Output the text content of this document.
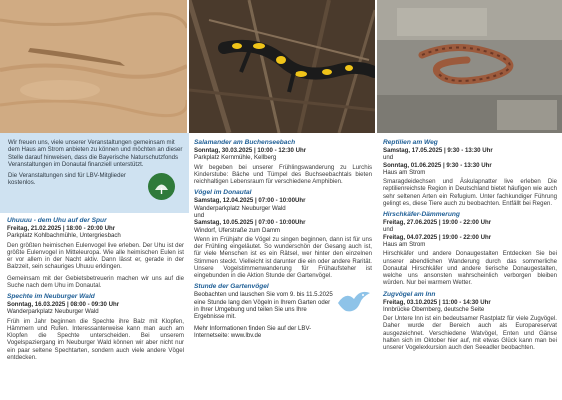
Wir freuen uns, viele unserer Veranstaltungen gemeinsam mit dem Haus am Strom anbieten zu können und möchten an dieser Stelle darauf hinweisen, dass die Bayerische Naturschutzfonds Veranstaltungen im Donautal finanziell unterstützt.

Die Veranstaltungen sind für LBV-Mitglieder kostenlos.

Uhuuuu - dem Uhu auf der Spur
Freitag, 21.02.2025 | 18:00 - 20:00 Uhr
Parkplatz Kohlbachmühle, Untergriesbach

Den größten heimischen Eulenvogel live erleben. Der Uhu ist der größte Eulenvogel in Mitteleuropa. Wie alle heimischen Eulen ist er vor allem in der Nacht aktiv. Dann lässt er, gerade in der Balzzeit, sein schauriges Uhuuu erklingen.

Gemeinsam mit der Gebietsbetreuerin machen wir uns auf die Suche nach dem Uhu im Donautal.

Spechte im Neuburger Wald
Sonntag, 16.03.2025 | 08:00 - 09:30 Uhr
Wanderparkplatz Neuburger Wald

Früh im Jahr beginnen die Spechte ihre Balz mit Klopfen, Hämmern und Rufen. Interessanterweise kann man auch am Klopfen die Spechte unterscheiden. Bei unserem Vogelspaziergang im Neuburger Wald können wir aber nicht nur ein paar seltene Spechtarten, sondern auch viele andere Vögel entdecken.

Salamander am Buchenseebach
Sonntag, 30.03.2025 | 10:00 - 12:30 Uhr
Parkplatz Kernmühle, Kellberg

Wir begeben bei unserer Frühlingswanderung zu Lurchis Kinderstube: Bäche und Tümpel des Buchseebachtals bieten reichhaltigen Lebensraum für verschiedene Amphibien.

Vögel im Donautal
Samstag, 12.04.2025 | 07:00 - 10:00Uhr
Wanderparkplatz Neuburger Wald
und
Samstag, 10.05.2025 | 07:00 - 10:00Uhr
Windorf, Uferstraße zum Damm

Wenn im Frühjahr die Vögel zu singen beginnen, dann ist für uns der Frühling eingeläutet. So wunderschön der Gesang auch ist, für viele Menschen ist es ein Rätsel, wer hinter den einzelnen Stimmen steckt. Vielleicht ist darunter die ein oder andere Rarität. Unsere Vogelstimmenwanderung für Frühaufsteher ist eingebunden in die Aktion Stunde der Gartenvögel.

Stunde der Gartenvögel

Beobachten und lauschen Sie vom 9. bis 11.5.2025 eine Stunde lang den Vögeln in Ihrem Garten oder in Ihrer Umgebung und teilen Sie uns Ihre Ergebnisse mit.

Mehr Informationen finden Sie auf der LBV-Internetseite: www.lbv.de

Reptilien am Weg
Samstag, 17.05.2025 | 9:30 - 13:30 Uhr
und
Sonntag, 01.06.2025 | 9:30 - 13:30 Uhr
Haus am Strom

Smaragdeidechsen und Äskulapnatter live erleben Die reptilienreichste Region in Deutschland bietet häufigen wie auch sehr seltenen Arten ein Refugium. Unter fachkundiger Führung gelingt es, diese Tiere auch zu beobachten. Entfällt bei Regen.

Hirschkäfer-Dämmerung
Freitag, 27.06.2025 | 19:00 - 22:00 Uhr
und
Freitag, 04.07.2025 | 19:00 - 22:00 Uhr
Haus am Strom

Hirschkäfer und andere Donaugestalten Entdecken Sie bei unserer abendlichen Wanderung durch das sommerliche Donautal Hirschkäfer und andere tierische Donaugestalten, welche uns ansonsten wahrscheinlich verborgen bleiben würden. Nur bei warmem Wetter.

Zugvögel am Inn
Freitag, 03.10.2025 | 11:00 - 14:30 Uhr
Innbrücke Obernberg, deutsche Seite

Der Untere Inn ist ein bedeutsamer Rastplatz für viele Zugvögel. Daher wurde der Bereich auch als Europareservat ausgezeichnet. Verschiedene Watvögel, Enten und Gänse halten sich im Oktober hier auf, mit etwas Glück kann man bei unserer Vogelexkursion auch den Seeadler beobachten.
